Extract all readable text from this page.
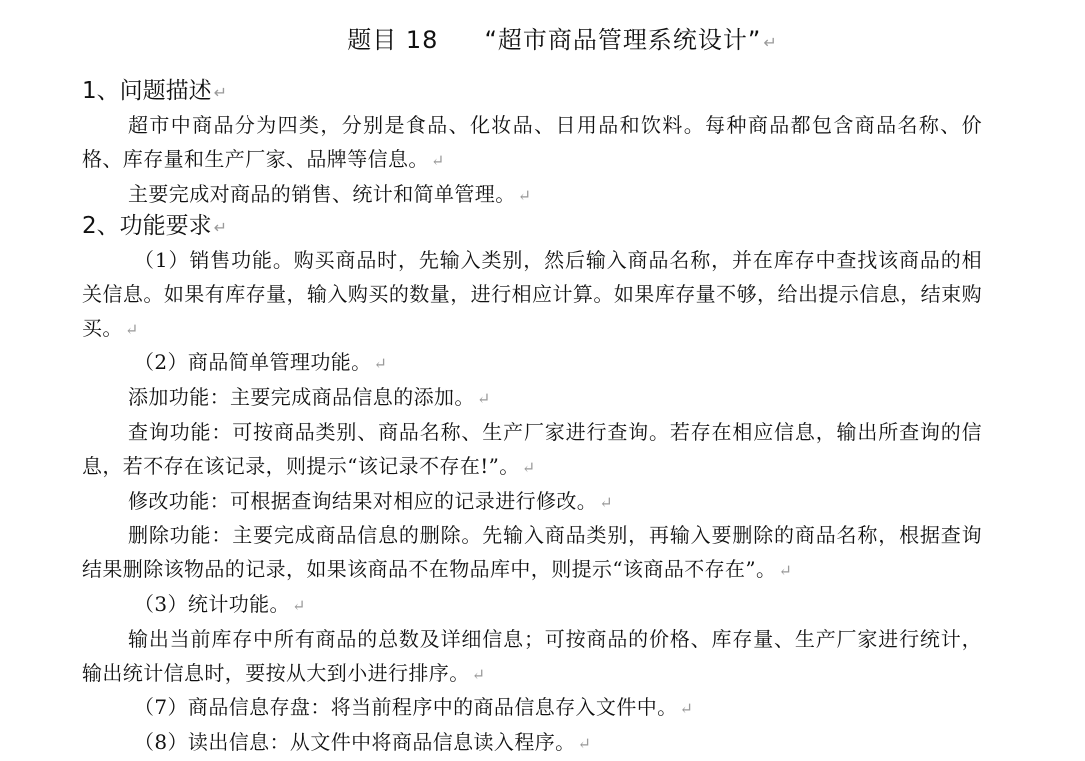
题目 18 “超市商品管理系统设计” ↵
1、问题描述 ↵

超市中商品分为四类，分别是食品、化妆品、日用品和饮料。每种商品都包含商品名称、价格、库存量和生产厂家、品牌等信息。 ↵

主要完成对商品的销售、统计和简单管理。 ↵

2、功能要求 ↵

（1）销售功能。购买商品时，先输入类别，然后输入商品名称，并在库存中查找该商品的相关信息。如果有库存量，输入购买的数量，进行相应计算。如果库存量不够，给出提示信息，结束购买。 ↵

（2）商品简单管理功能。 ↵

添加功能：主要完成商品信息的添加。 ↵

查询功能：可按商品类别、商品名称、生产厂家进行查询。若存在相应信息，输出所查询的信息，若不存在该记录，则提示“该记录不存在!”。 ↵

修改功能：可根据查询结果对相应的记录进行修改。 ↵

删除功能：主要完成商品信息的删除。先输入商品类别，再输入要删除的商品名称，根据查询结果删除该物品的记录，如果该商品不在物品库中，则提示“该商品不存在”。 ↵

（3）统计功能。 ↵

输出当前库存中所有商品的总数及详细信息；可按商品的价格、库存量、生产厂家进行统计，输出统计信息时，要按从大到小进行排序。 ↵

（7）商品信息存盘：将当前程序中的商品信息存入文件中。 ↵

（8）读出信息：从文件中将商品信息读入程序。 ↵
